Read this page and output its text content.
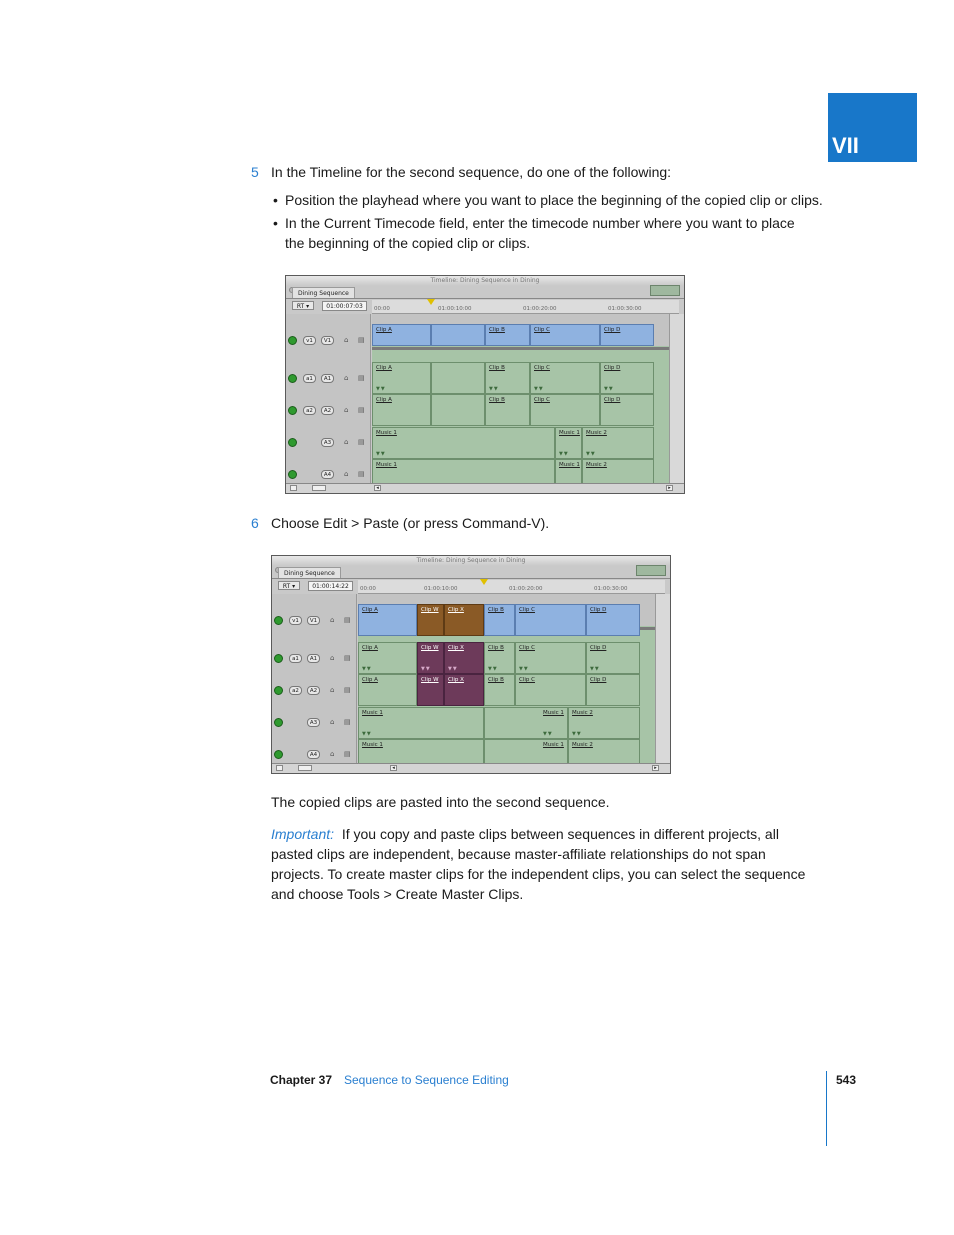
VII
5 In the Timeline for the second sequence, do one of the following:
• Position the playhead where you want to place the beginning of the copied clip or clips.
• In the Current Timecode field, enter the timecode number where you want to place
the beginning of the copied clip or clips.
Timeline: Dining Sequence in Dining
Dining Sequence
RT ▾	01:00:07:03	00:00	01:00:10:00	01:00:20:00	01:00:30:00
Clip A	Clip B	Clip C	Clip D
Clip A
▼▼
Clip B
▼▼
Clip C
▼▼
Clip D
▼▼
Clip A	Clip B	Clip C	Clip D
Music 1
▼▼
Music 1
▼▼
Music 2
▼▼
Music 1	Music 1 Music 2
v1	V1	⌂ ▤
a1	A1	⌂ ▤
a2	A2	⌂ ▤
A3	⌂ ▤
A4	⌂ ▤
◂	▸
6 Choose Edit > Paste (or press Command-V).
Timeline: Dining Sequence in Dining
Dining Sequence
RT ▾	01:00:14:22	00:00	01:00:10:00	01:00:20:00	01:00:30:00
Clip A	Clip W Clip X	Clip B	Clip C	Clip D
Clip A
▼▼
Clip W
▼▼
Clip X
▼▼
Clip B
▼▼
Clip C
▼▼
Clip D
▼▼
Clip A	Clip W Clip X	Clip B	Clip C	Clip D
Music 1
▼▼
Music 1
▼▼
Music 2
▼▼
Music 1	Music 1 Music 2
v1	V1	⌂ ▤
a1	A1	⌂ ▤
a2	A2	⌂ ▤
A3	⌂ ▤
A4	⌂ ▤
◂	▸
The copied clips are pasted into the second sequence.
Important: If you copy and paste clips between sequences in different projects, all
pasted clips are independent, because master-affiliate relationships do not span
projects. To create master clips for the independent clips, you can select the sequence
and choose Tools > Create Master Clips.
Chapter 37 Sequence to Sequence Editing	543
